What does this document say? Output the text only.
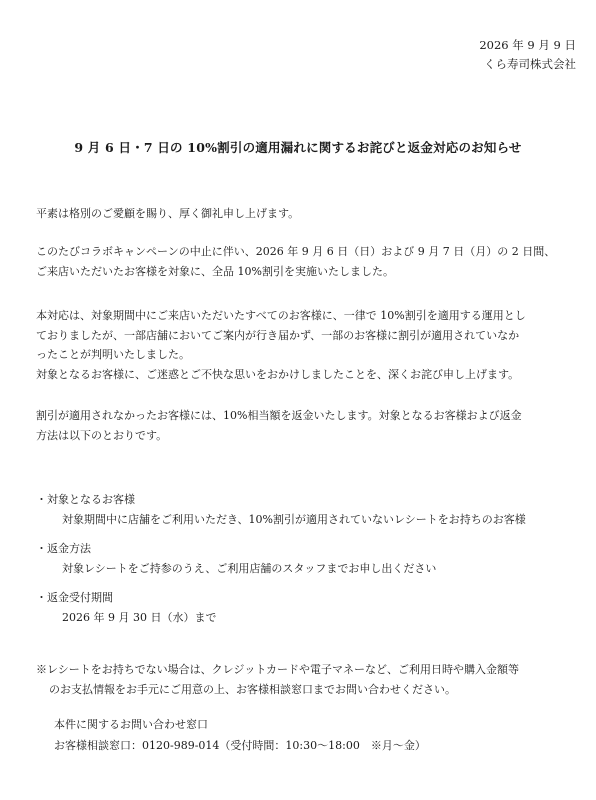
2026 年 9 月 9 日
くら寿司株式会社
9 月 6 日・7 日の 10%割引の適用漏れに関するお詫びと返金対応のお知らせ

平素は格別のご愛顧を賜り、厚く御礼申し上げます。

このたびコラボキャンペーンの中止に伴い、2026 年 9 月 6 日（日）および 9 月 7 日（月）の 2 日間、

ご来店いただいたお客様を対象に、全品 10%割引を実施いたしました。

本対応は、対象期間中にご来店いただいたすべてのお客様に、一律で 10%割引を適用する運用とし

ておりましたが、一部店舗においてご案内が行き届かず、一部のお客様に割引が適用されていなか

ったことが判明いたしました。

対象となるお客様に、ご迷惑とご不快な思いをおかけしましたことを、深くお詫び申し上げます。

割引が適用されなかったお客様には、10%相当額を返金いたします。対象となるお客様および返金

方法は以下のとおりです。

・対象となるお客様
対象期間中に店舗をご利用いただき、10%割引が適用されていないレシートをお持ちのお客様
・返金方法
対象レシートをご持参のうえ、ご利用店舗のスタッフまでお申し出ください
・返金受付期間
2026 年 9 月 30 日（水）まで
※レシートをお持ちでない場合は、クレジットカードや電子マネーなど、ご利用日時や購入金額等
のお支払情報をお手元にご用意の上、お客様相談窓口までお問い合わせください。
本件に関するお問い合わせ窓口
お客様相談窓口：0120-989-014（受付時間：10:30～18:00　※月～金）
